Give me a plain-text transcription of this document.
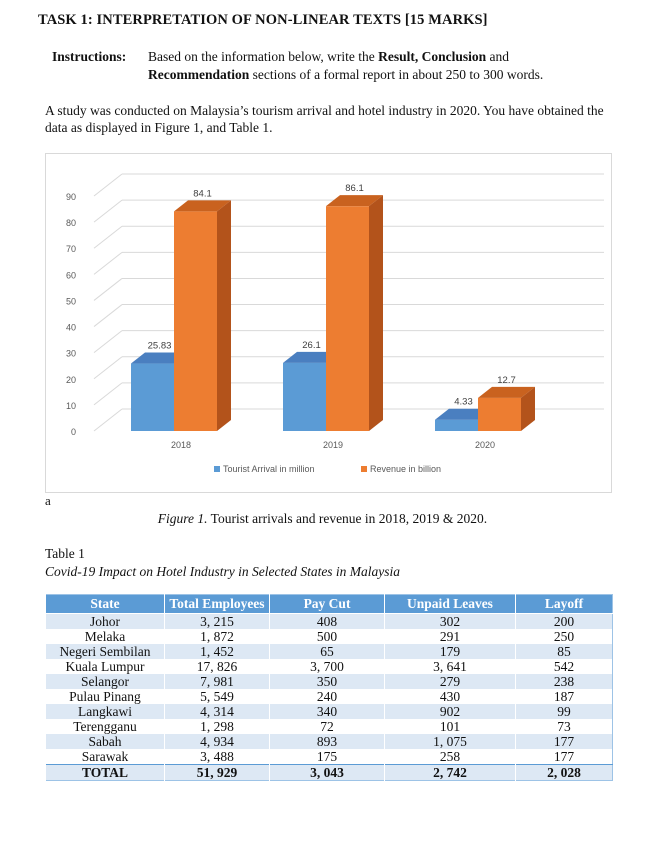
TASK 1: INTERPRETATION OF NON-LINEAR TEXTS [15 MARKS]
Instructions: Based on the information below, write the Result, Conclusion and
Recommendation sections of a formal report in about 250 to 300 words.
A study was conducted on Malaysia’s tourism arrival and hotel industry in 2020. You have obtained the data as displayed in Figure 1, and Table 1.
0
10
20
30
40
50
60
70
80
90
25.83
84.1
2018
26.1
86.1
2019
4.33
12.7
2020
Tourist Arrival in million	Revenue in billion
a
Figure 1. Tourist arrivals and revenue in 2018, 2019 & 2020.
Table 1
Covid-19 Impact on Hotel Industry in Selected States in Malaysia
State	Total Employees	Pay Cut	Unpaid Leaves	Layoff
Johor	3, 215	408	302	200
Melaka	1, 872	500	291	250
Negeri Sembilan	1, 452	65	179	85
Kuala Lumpur	17, 826	3, 700	3, 641	542
Selangor	7, 981	350	279	238
Pulau Pinang	5, 549	240	430	187
Langkawi	4, 314	340	902	99
Terengganu	1, 298	72	101	73
Sabah	4, 934	893	1, 075	177
Sarawak	3, 488	175	258	177
TOTAL	51, 929	3, 043	2, 742	2, 028
